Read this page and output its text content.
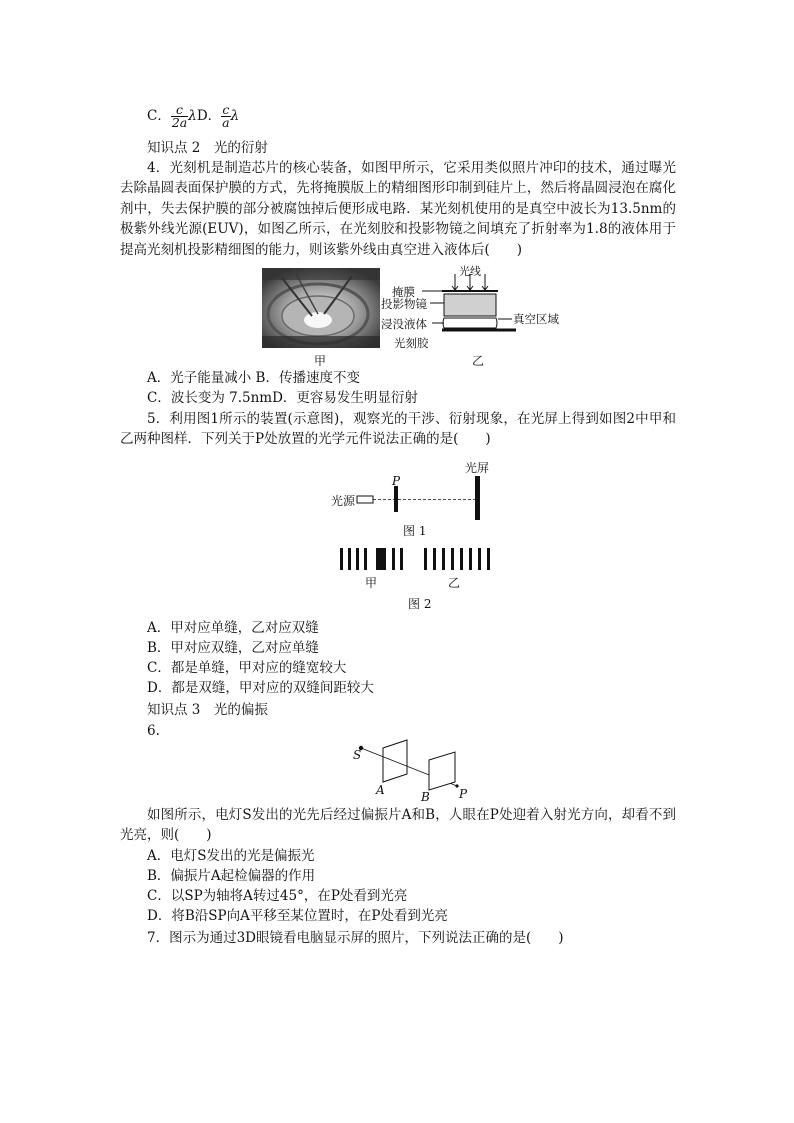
C． $\frac{c}{2a}$ λD． $\frac{c}{a}$ λ
知识点 2　光的衍射
4．光刻机是制造芯片的核心装备，如图甲所示，它采用类似照片冲印的技术，通过曝光去除晶圆表面保护膜的方式，先将掩膜版上的精细图形印制到硅片上，然后将晶圆浸泡在腐化剂中，失去保护膜的部分被腐蚀掉后便形成电路．某光刻机使用的是真空中波长为13.5nm的极紫外线光源(EUV)，如图乙所示，在光刻胶和投影物镜之间填充了折射率为1.8的液体用于提高光刻机投影精细图的能力，则该紫外线由真空进入液体后(　　)
甲
光线
掩膜
投影物镜
浸没液体
光刻胶
真空区域
乙
A．光子能量减小 B．传播速度不变
C．波长变为 7.5nmD．更容易发生明显衍射
5．利用图1所示的装置(示意图)，观察光的干涉、衍射现象，在光屏上得到如图2中甲和乙两种图样．下列关于P处放置的光学元件说法正确的是(　　)
光源
P
光屏
图 1
甲	乙
图 2
A．甲对应单缝，乙对应双缝
B．甲对应双缝，乙对应单缝
C．都是单缝，甲对应的缝宽较大
D．都是双缝，甲对应的双缝间距较大
知识点 3　光的偏振
6.
S
A	B P
如图所示，电灯S发出的光先后经过偏振片A和B，人眼在P处迎着入射光方向，却看不到光亮，则(　　)
A．电灯S发出的光是偏振光
B．偏振片A起检偏器的作用
C．以SP为轴将A转过45°，在P处看到光亮
D．将B沿SP向A平移至某位置时，在P处看到光亮
7．图示为通过3D眼镜看电脑显示屏的照片，下列说法正确的是(　　)
